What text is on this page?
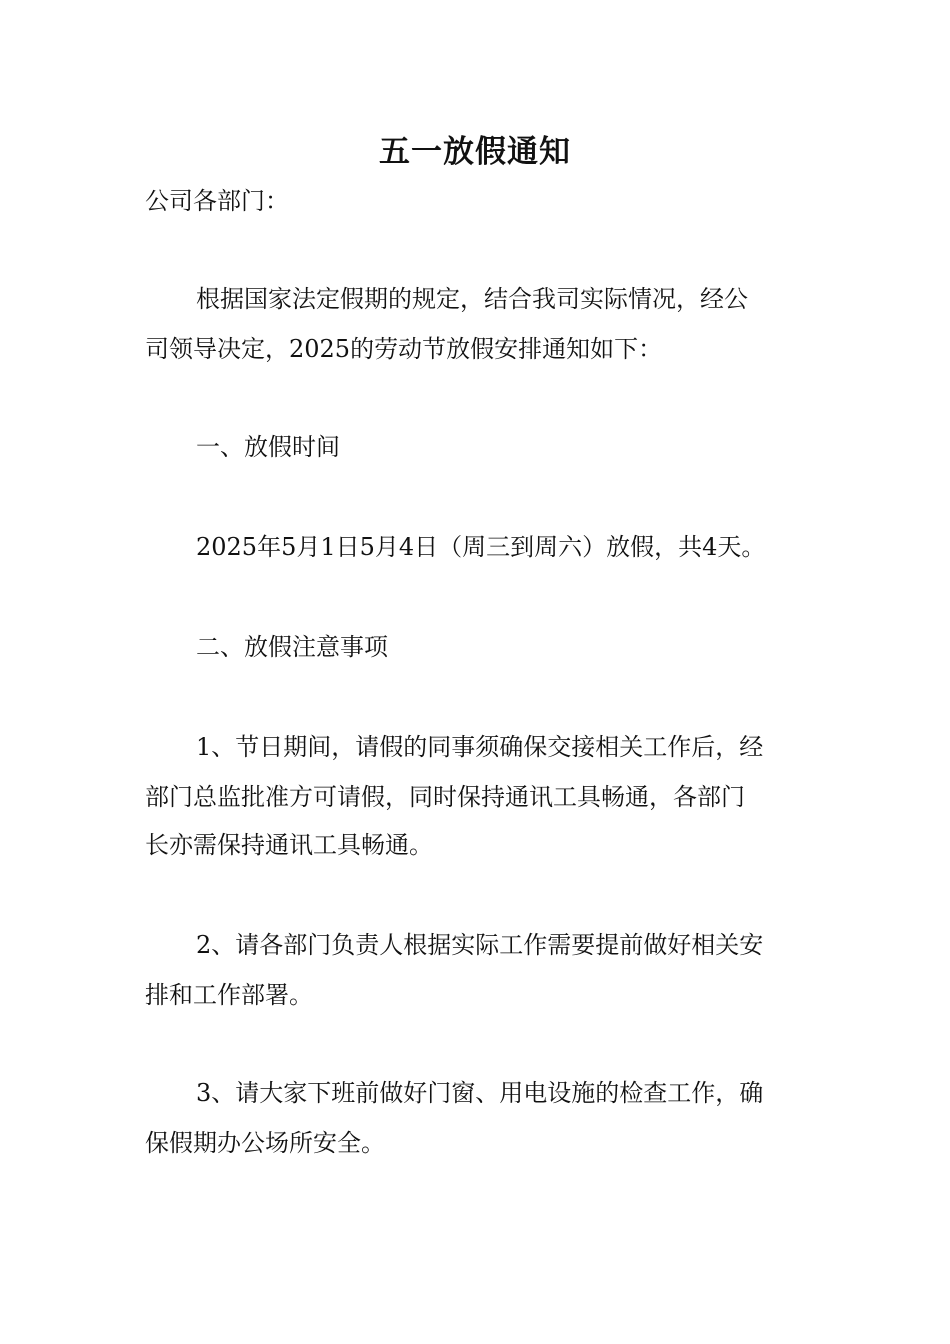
五一放假通知
公司各部门：
根据国家法定假期的规定，结合我司实际情况，经公
司领导决定，2025的劳动节放假安排通知如下：
一、放假时间
2025年5月1日5月4日（周三到周六）放假，共4天。
二、放假注意事项
1、节日期间，请假的同事须确保交接相关工作后，经
部门总监批准方可请假，同时保持通讯工具畅通，各部门
长亦需保持通讯工具畅通。
2、请各部门负责人根据实际工作需要提前做好相关安
排和工作部署。
3、请大家下班前做好门窗、用电设施的检查工作，确
保假期办公场所安全。
